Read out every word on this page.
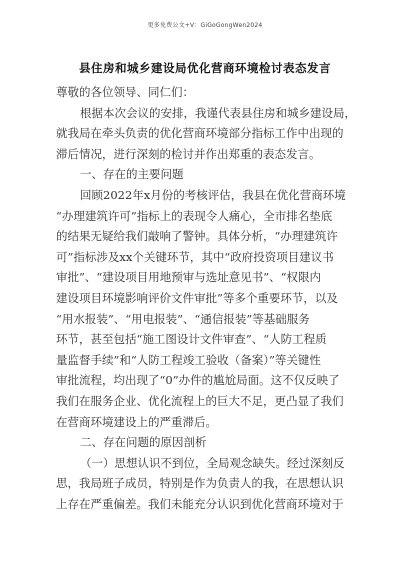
更多免费公文+V：GiGoGongWen2024
县住房和城乡建设局优化营商环境检讨表态发言

尊敬的各位领导、同仁们：

根据本次会议的安排，我谨代表县住房和城乡建设局，

就我局在牵头负责的优化营商环境部分指标工作中出现的

滞后情况，进行深刻的检讨并作出郑重的表态发言。

一、存在的主要问题

回顾2022年x月份的考核评估，我县在优化营商环境

“办理建筑许可”指标上的表现令人痛心，全市排名垫底

的结果无疑给我们敲响了警钟。具体分析，“办理建筑许

可”指标涉及xx个关键环节，其中“政府投资项目建议书

审批”、“建设项目用地预审与选址意见书”、“权限内

建设项目环境影响评价文件审批”等多个重要环节，以及

“用水报装”、“用电报装”、“通信报装”等基础服务

环节，甚至包括“施工图设计文件审查”、“人防工程质

量监督手续”和“人防工程竣工验收（备案）”等关键性

审批流程，均出现了“0”办件的尴尬局面。这不仅反映了

我们在服务企业、优化流程上的巨大不足，更凸显了我们

在营商环境建设上的严重滞后。

二、存在问题的原因剖析

（一）思想认识不到位，全局观念缺失。经过深刻反

思，我局班子成员，特别是作为负责人的我，在思想认识

上存在严重偏差。我们未能充分认识到优化营商环境对于
